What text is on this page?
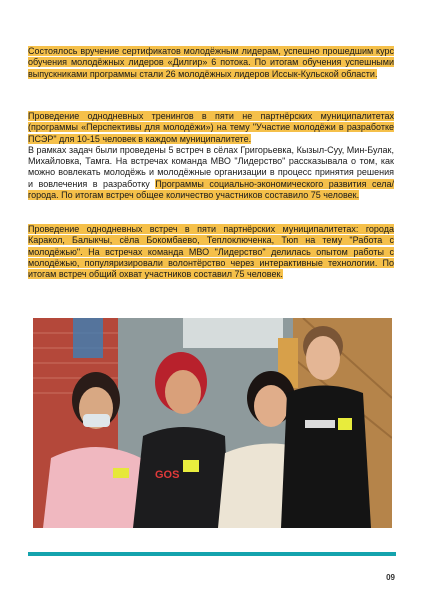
Состоялось вручение сертификатов молодёжным лидерам, успешно прошедшим курс обучения молодёжных лидеров «Дилгир» 6 потока. По итогам обучения успешными выпускниками программы стали 26 молодёжных лидеров Иссык-Кульской области.

Проведение однодневных тренингов в пяти не партнёрских муниципалитетах (программы «Перспективы для молодёжи») на тему "Участие молодёжи в разработке ПСЭР" для 10-15 человек в каждом муниципалитете.
В рамках задач были проведены 5 встреч в сёлах Григорьевка, Кызыл-Суу, Мин-Булак, Михайловка, Тамга. На встречах команда МВО "Лидерство" рассказывала о том, как можно вовлекать молодёжь и молодёжные организации в процесс принятия решения и вовлечения в разработку Программы социально-экономического развития села/ города. По итогам встреч общее количество участников составило 75 человек.

Проведение однодневных встреч в пяти партнёрских муниципалитетах: города Каракол, Балыкчы, сёла Бокомбаево, Теплоключенка, Тюп на тему "Работа с молодёжью". На встречах команда МВО "Лидерство" делилась опытом работы с молодёжью, популяризировали волонтёрство через интерактивные технологии. По итогам встреч общий охват участников составил 75 человек.

GOS
09
